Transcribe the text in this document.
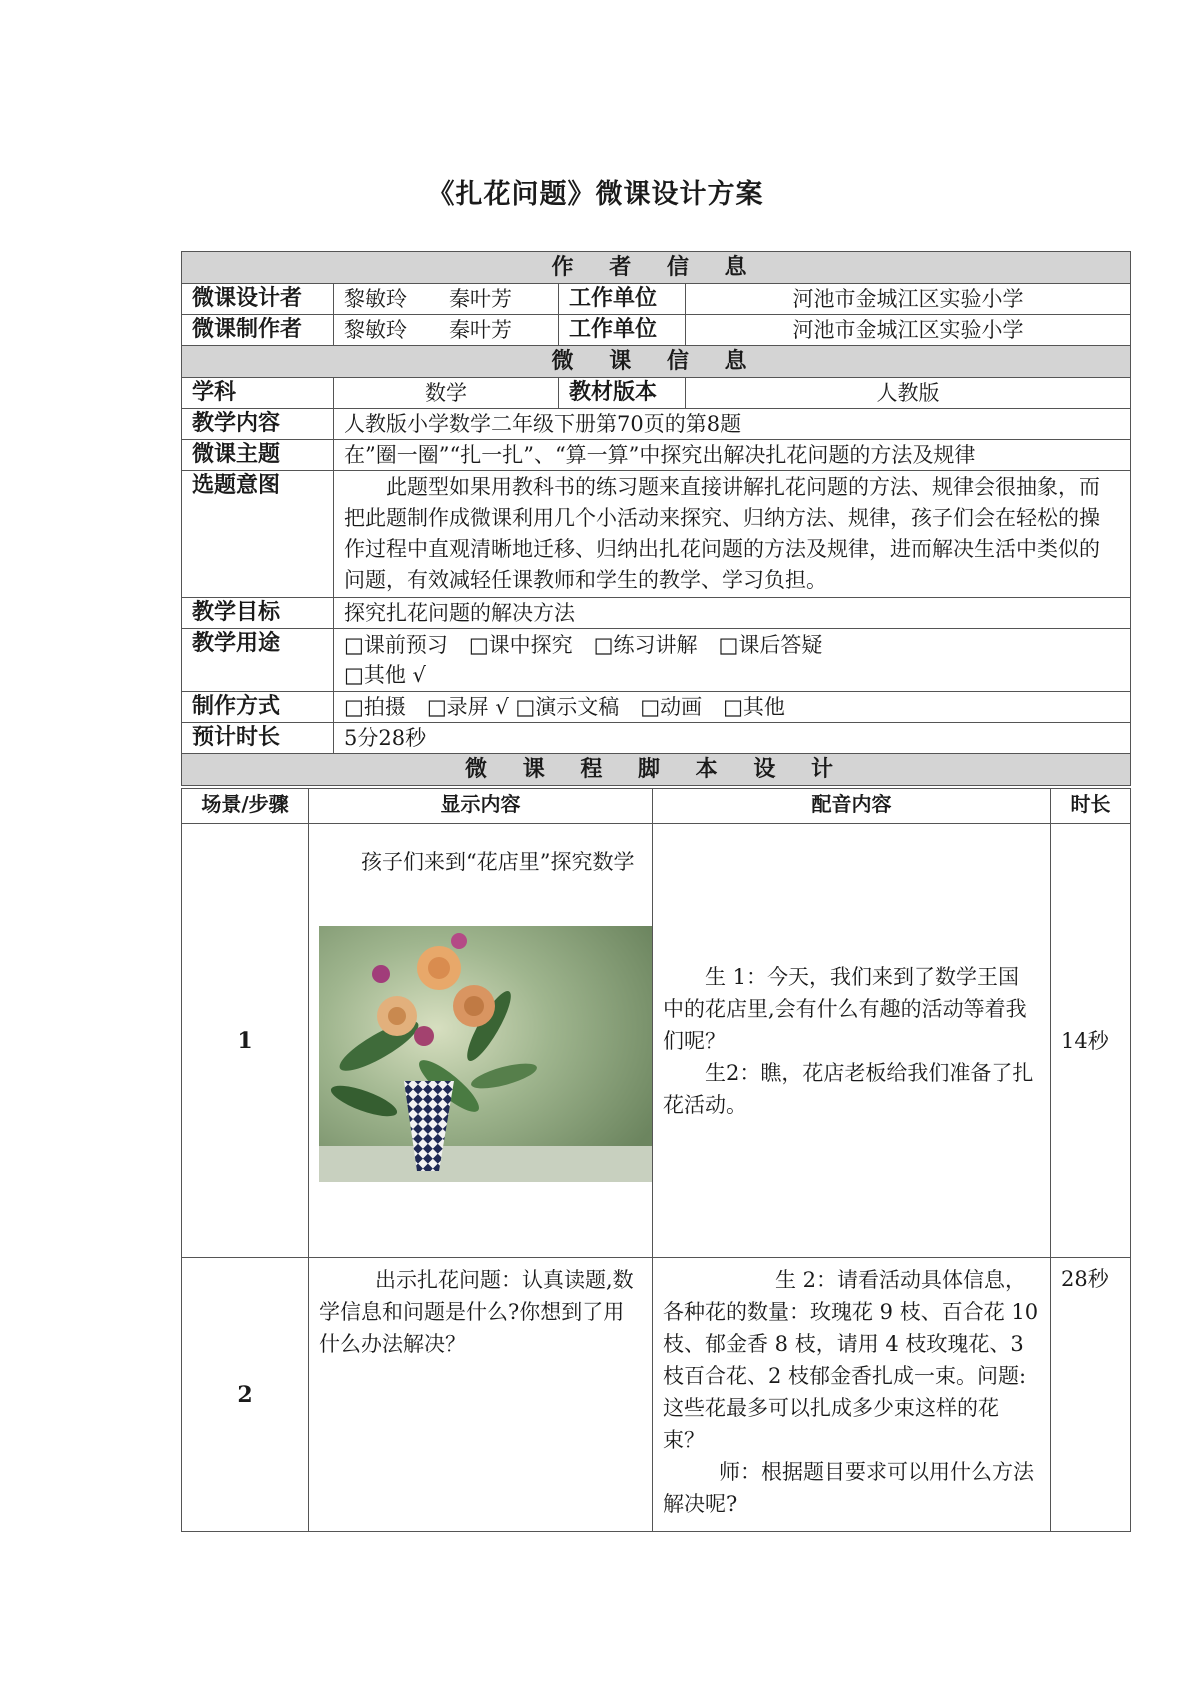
《扎花问题》微课设计方案
作 者 信 息			
微课设计者	黎敏玲　　秦叶芳	工作单位	河池市金城江区实验小学
微课制作者	黎敏玲　　秦叶芳	工作单位	河池市金城江区实验小学
微 课 信 息			
学科	数学	教材版本	人教版
教学内容	人教版小学数学二年级下册第70页的第8题		
微课主题	在”圈一圈”“扎一扎”、“算一算”中探究出解决扎花问题的方法及规律		
选题意图	此题型如果用教科书的练习题来直接讲解扎花问题的方法、规律会很抽象，而把此题制作成微课利用几个小活动来探究、归纳方法、规律，孩子们会在轻松的操作过程中直观清晰地迁移、归纳出扎花问题的方法及规律，进而解决生活中类似的问题，有效减轻任课教师和学生的教学、学习负担。		
教学目标	探究扎花问题的解决方法		
教学用途	□课前预习　□课中探究　□练习讲解　□课后答疑
□其他 √		

制作方式	□拍摄　□录屏 √ □演示文稿　□动画　□其他		
预计时长	5分28秒		
微 课 程 脚 本 设 计			
场景/步骤	显示内容	配音内容	时长
1	孩子们来到“花店里”探究数学	生 1：今天，我们来到了数学王国中的花店里,会有什么有趣的活动等着我们呢？

生2：瞧，花店老板给我们准备了扎花活动。	14秒
2	出示扎花问题：认真读题,数学信息和问题是什么?你想到了用什么办法解决？	生 2：请看活动具体信息，各种花的数量：玫瑰花 9 枝、百合花 10 枝、郁金香 8 枝，请用 4 枝玫瑰花、3 枝百合花、2 枝郁金香扎成一束。问题:这些花最多可以扎成多少束这样的花束？

师：根据题目要求可以用什么方法解决呢?	28秒
